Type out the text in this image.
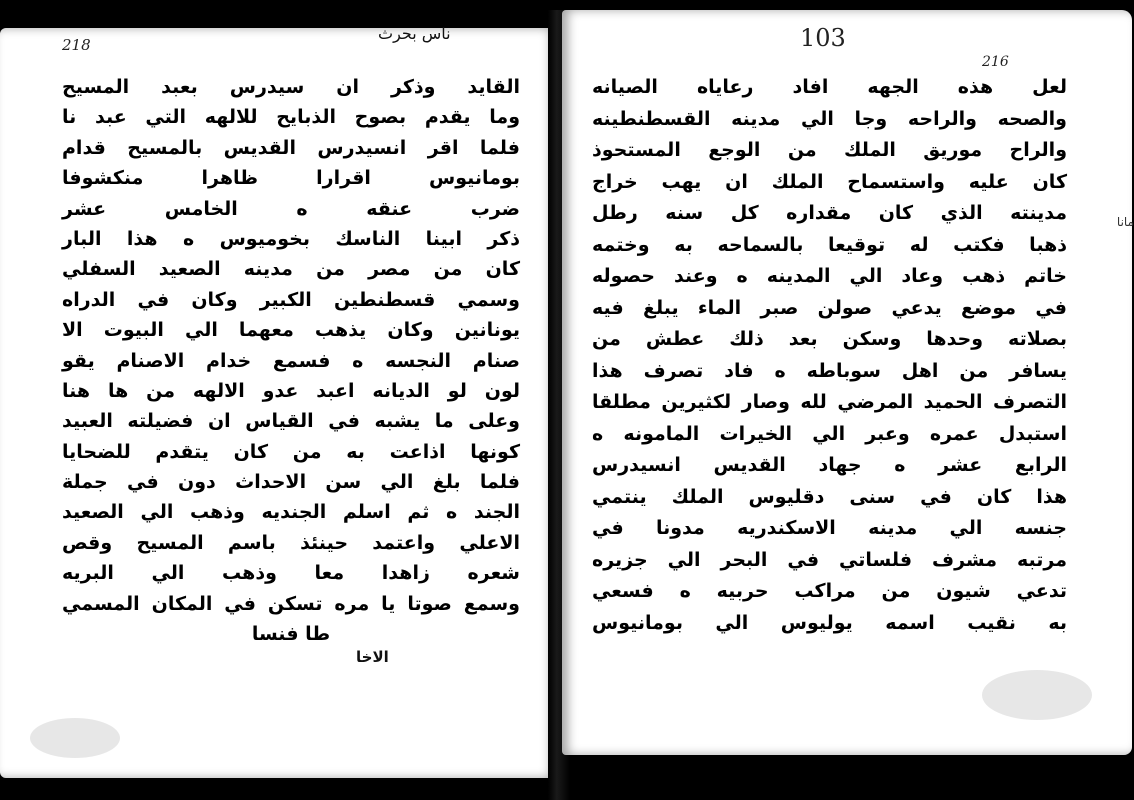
218
ناس بحرث
القايد وذكر ان سيدرس بعبد المسيح
وما يقدم بصوح الذبايح للالهه التي عبد نا
فلما اقر انسيدرس القديس بالمسيح قدام
بومانيوس اقرارا ظاهرا منكشوفا
ضرب عنقه ه الخامس عشر
ذكر ابينا الناسك بخوميوس ه هذا البار
كان من مصر من مدينه الصعيد السفلي
وسمي قسطنطين الكبير وكان في الدراه
يونانين وكان يذهب معهما الي البيوت الا
صنام النجسه ه فسمع خدام الاصنام يقو
لون لو الديانه اعبد عدو الالهه من ها هنا
وعلى ما يشبه في القياس ان فضيلته العبيد
كونها اذاعت به من كان يتقدم للضحايا
فلما بلغ الي سن الاحداث دون في جملة
الجند ه ثم اسلم الجنديه وذهب الي الصعيد
الاعلي واعتمد حينئذ باسم المسيح وقص
شعره زاهدا معا وذهب الي البريه
وسمع صوتا يا مره تسكن في المكان المسمي
طا فنسا
الاخا
103
216
لعل هذه الجهه افاد رعاياه الصيانه
والصحه والراحه وجا الي مدينه القسطنطينه
والراح موريق الملك من الوجع المستحوذ
كان عليه واستسماح الملك ان يهب خراج
مدينته الذي كان مقداره كل سنه رطل
ذهبا فكتب له توقيعا بالسماحه به وختمه
خاتم ذهب وعاد الي المدينه ه وعند حصوله
في موضع يدعي صولن صبر الماء يبلغ فيه
بصلاته وحدها وسكن بعد ذلك عطش من
يسافر من اهل سوباطه ه فاد تصرف هذا
التصرف الحميد المرضي لله وصار لكثيرين مطلقا
استبدل عمره وعبر الي الخيرات المامونه ه
الرابع عشر ه جهاد القديس انسيدرس
هذا كان في سنى دقليوس الملك ينتمي
جنسه الي مدينه الاسكندريه مدونا في
مرتبه مشرف فلساتي في البحر الي جزيره
تدعي شيون من مراكب حربيه ه فسعي
به نقيب اسمه يوليوس الي بومانيوس
مانا
